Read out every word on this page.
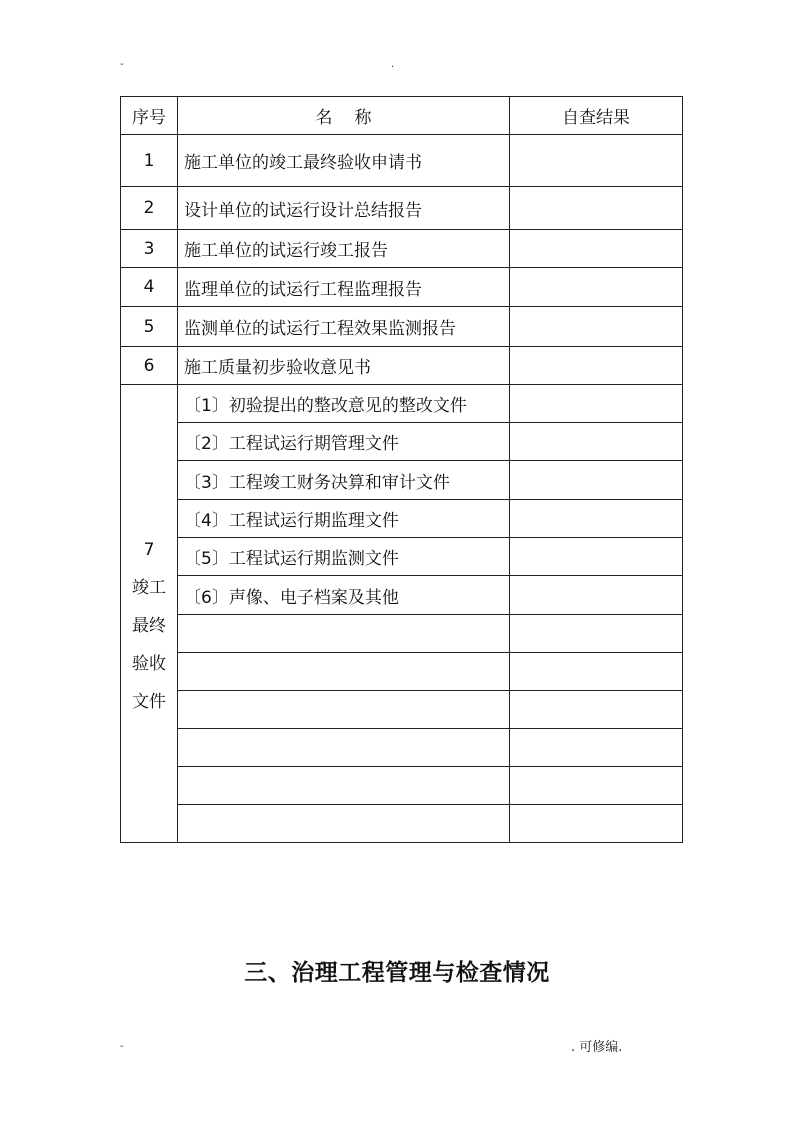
-	.
序号	名 称	自查结果
1	施工单位的竣工最终验收申请书	
2	设计单位的试运行设计总结报告	
3	施工单位的试运行竣工报告	
4	监理单位的试运行工程监理报告	
5	监测单位的试运行工程效果监测报告	
6	施工质量初步验收意见书	

7
竣工
最终
验收
文件	〔1〕初验提出的整改意见的整改文件	
	〔2〕工程试运行期管理文件	
	〔3〕工程竣工财务决算和审计文件	
	〔4〕工程试运行期监理文件	
	〔5〕工程试运行期监测文件	
	〔6〕声像、电子档案及其他	

三、治理工程管理与检查情况
-	. 可修编.
